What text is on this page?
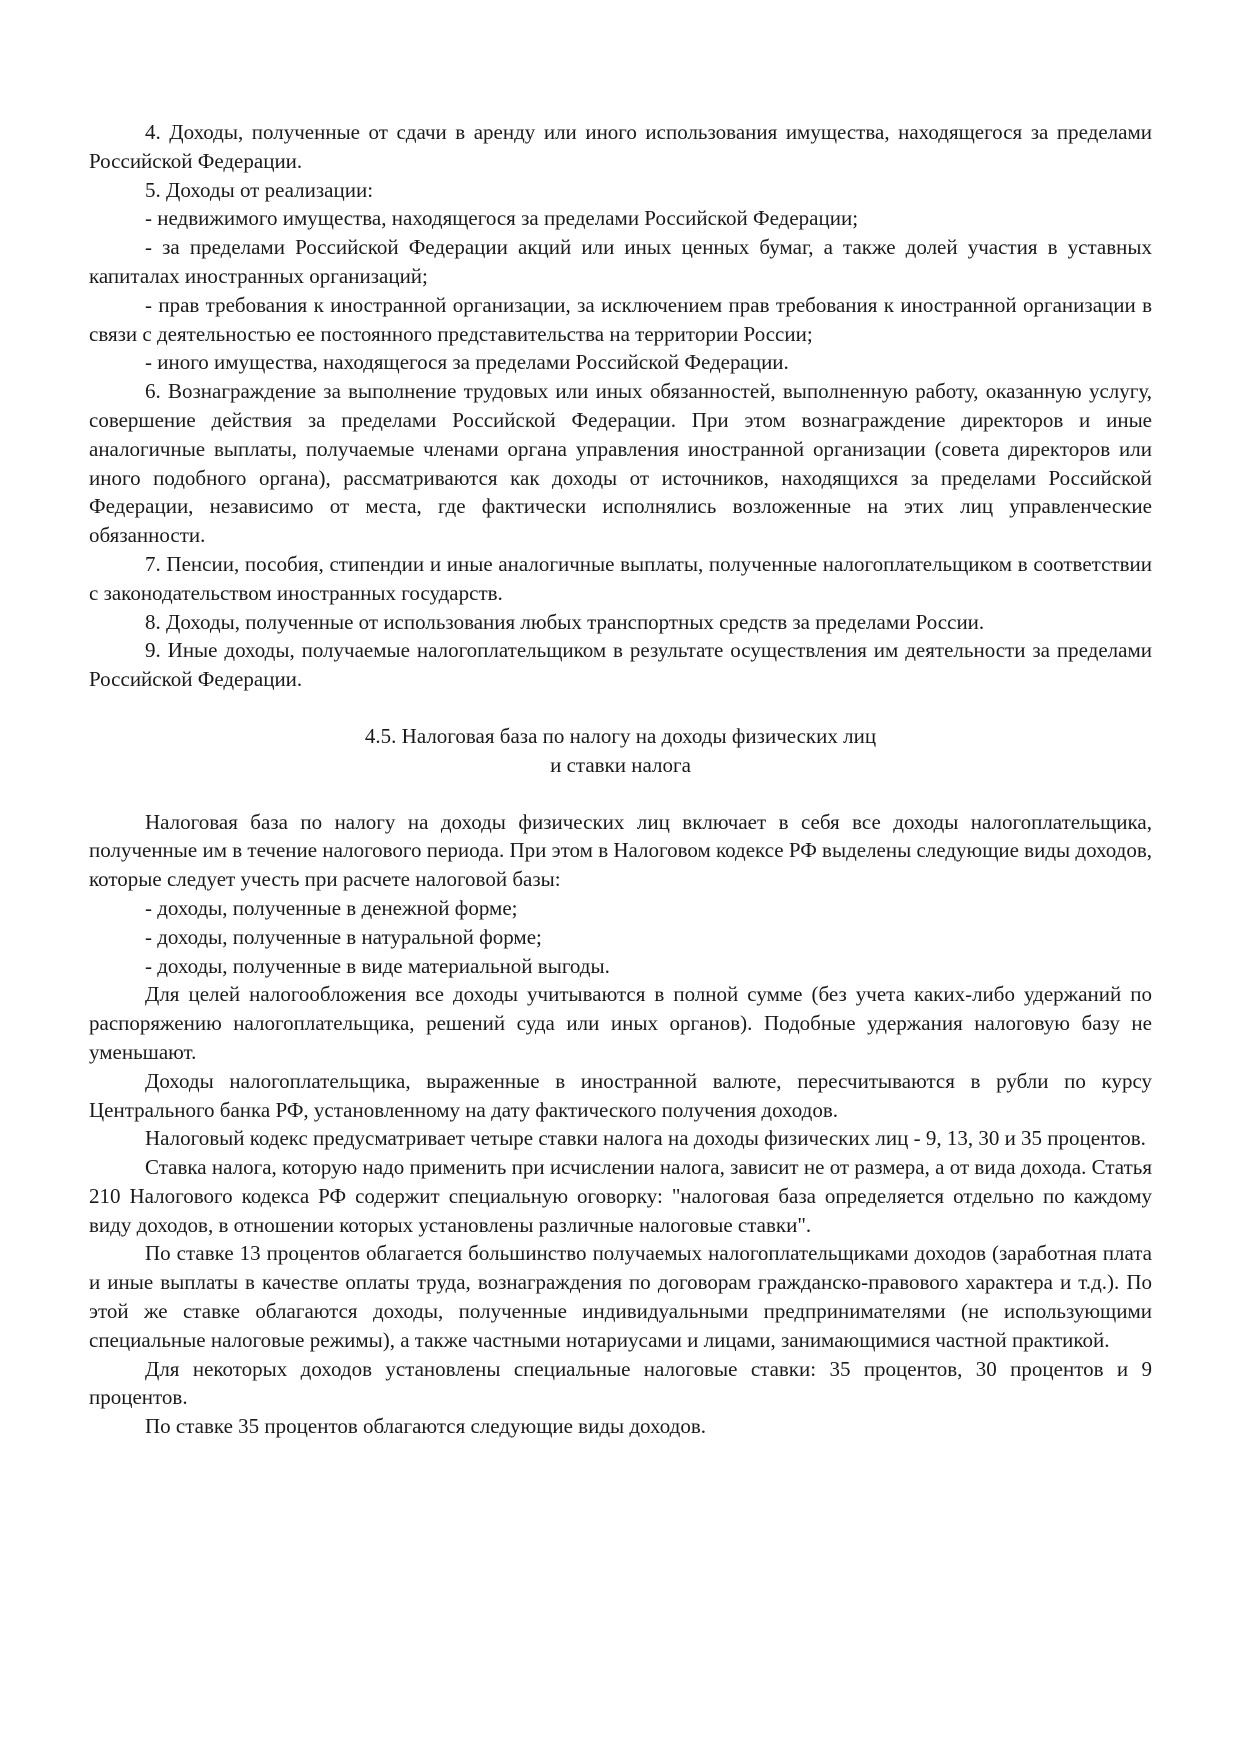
4. Доходы, полученные от сдачи в аренду или иного использования имущества, находящегося за пределами Российской Федерации.

5. Доходы от реализации:

- недвижимого имущества, находящегося за пределами Российской Федерации;

- за пределами Российской Федерации акций или иных ценных бумаг, а также долей участия в уставных капиталах иностранных организаций;

- прав требования к иностранной организации, за исключением прав требования к иностранной организации в связи с деятельностью ее постоянного представительства на территории России;

- иного имущества, находящегося за пределами Российской Федерации.

6. Вознаграждение за выполнение трудовых или иных обязанностей, выполненную работу, оказанную услугу, совершение действия за пределами Российской Федерации. При этом вознаграждение директоров и иные аналогичные выплаты, получаемые членами органа управления иностранной организации (совета директоров или иного подобного органа), рассматриваются как доходы от источников, находящихся за пределами Российской Федерации, независимо от места, где фактически исполнялись возложенные на этих лиц управленческие обязанности.

7. Пенсии, пособия, стипендии и иные аналогичные выплаты, полученные налогоплательщиком в соответствии с законодательством иностранных государств.

8. Доходы, полученные от использования любых транспортных средств за пределами России.

9. Иные доходы, получаемые налогоплательщиком в результате осуществления им деятельности за пределами Российской Федерации.

4.5. Налоговая база по налогу на доходы физических лиц
и ставки налога

Налоговая база по налогу на доходы физических лиц включает в себя все доходы налогоплательщика, полученные им в течение налогового периода. При этом в Налоговом кодексе РФ выделены следующие виды доходов, которые следует учесть при расчете налоговой базы:

- доходы, полученные в денежной форме;

- доходы, полученные в натуральной форме;

- доходы, полученные в виде материальной выгоды.

Для целей налогообложения все доходы учитываются в полной сумме (без учета каких-либо удержаний по распоряжению налогоплательщика, решений суда или иных органов). Подобные удержания налоговую базу не уменьшают.

Доходы налогоплательщика, выраженные в иностранной валюте, пересчитываются в рубли по курсу Центрального банка РФ, установленному на дату фактического получения доходов.

Налоговый кодекс предусматривает четыре ставки налога на доходы физических лиц - 9, 13, 30 и 35 процентов.

Ставка налога, которую надо применить при исчислении налога, зависит не от размера, а от вида дохода. Статья 210 Налогового кодекса РФ содержит специальную оговорку: "налоговая база определяется отдельно по каждому виду доходов, в отношении которых установлены различные налоговые ставки".

По ставке 13 процентов облагается большинство получаемых налогоплательщиками доходов (заработная плата и иные выплаты в качестве оплаты труда, вознаграждения по договорам гражданско-правового характера и т.д.). По этой же ставке облагаются доходы, полученные индивидуальными предпринимателями (не использующими специальные налоговые режимы), а также частными нотариусами и лицами, занимающимися частной практикой.

Для некоторых доходов установлены специальные налоговые ставки: 35 процентов, 30 процентов и 9 процентов.

По ставке 35 процентов облагаются следующие виды доходов.
